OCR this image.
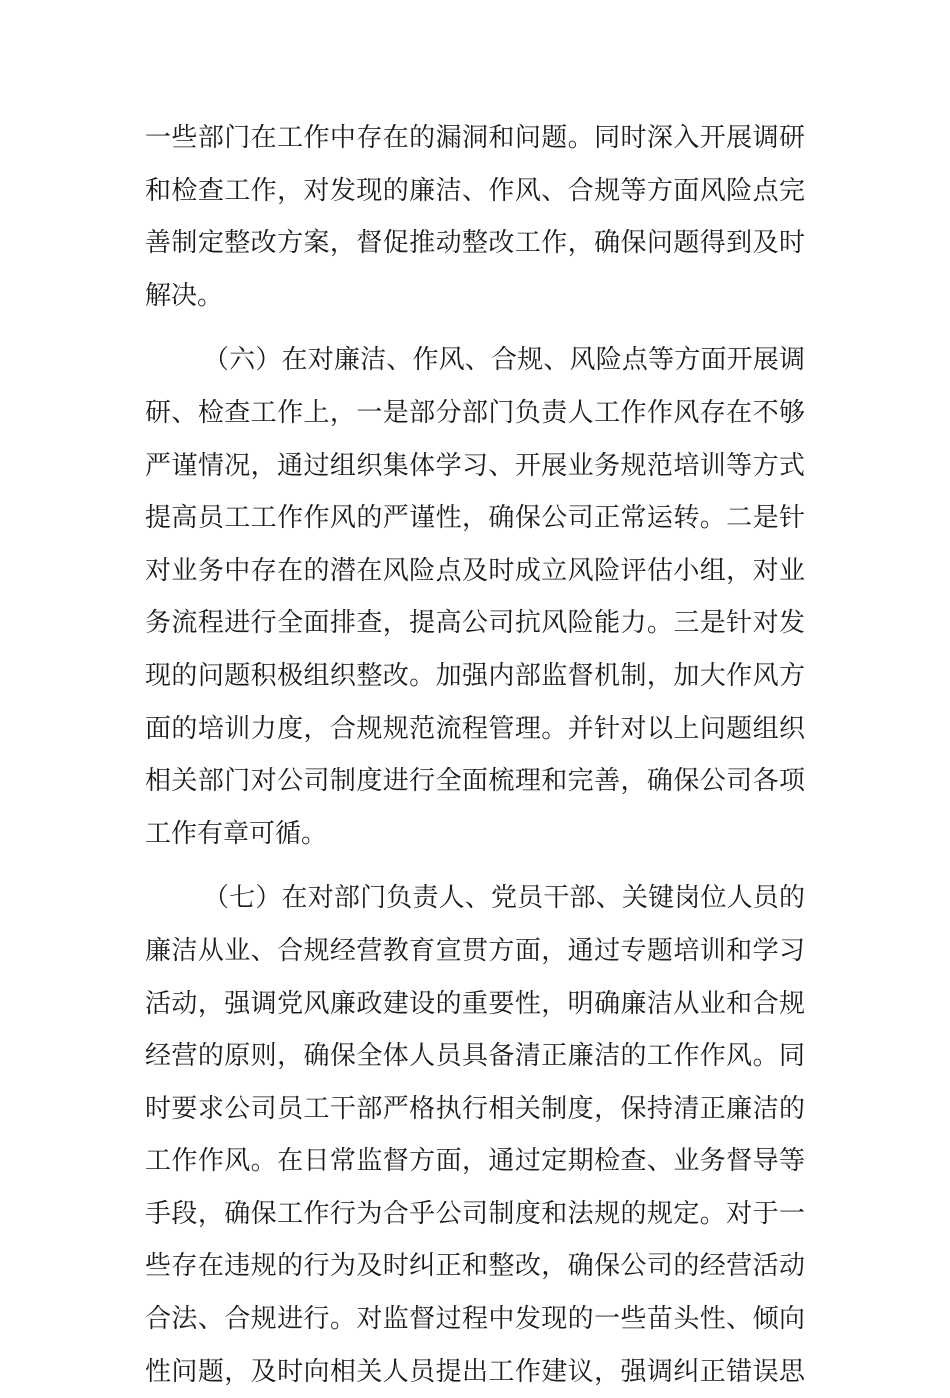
一些部门在工作中存在的漏洞和问题。同时深入开展调研
和检查工作，对发现的廉洁、作风、合规等方面风险点完
善制定整改方案，督促推动整改工作，确保问题得到及时
解决。
（六）在对廉洁、作风、合规、风险点等方面开展调
研、检查工作上，一是部分部门负责人工作作风存在不够
严谨情况，通过组织集体学习、开展业务规范培训等方式
提高员工工作作风的严谨性，确保公司正常运转。二是针
对业务中存在的潜在风险点及时成立风险评估小组，对业
务流程进行全面排查，提高公司抗风险能力。三是针对发
现的问题积极组织整改。加强内部监督机制，加大作风方
面的培训力度，合规规范流程管理。并针对以上问题组织
相关部门对公司制度进行全面梳理和完善，确保公司各项
工作有章可循。
（七）在对部门负责人、党员干部、关键岗位人员的
廉洁从业、合规经营教育宣贯方面，通过专题培训和学习
活动，强调党风廉政建设的重要性，明确廉洁从业和合规
经营的原则，确保全体人员具备清正廉洁的工作作风。同
时要求公司员工干部严格执行相关制度，保持清正廉洁的
工作作风。在日常监督方面，通过定期检查、业务督导等
手段，确保工作行为合乎公司制度和法规的规定。对于一
些存在违规的行为及时纠正和整改，确保公司的经营活动
合法、合规进行。对监督过程中发现的一些苗头性、倾向
性问题，及时向相关人员提出工作建议，强调纠正错误思
